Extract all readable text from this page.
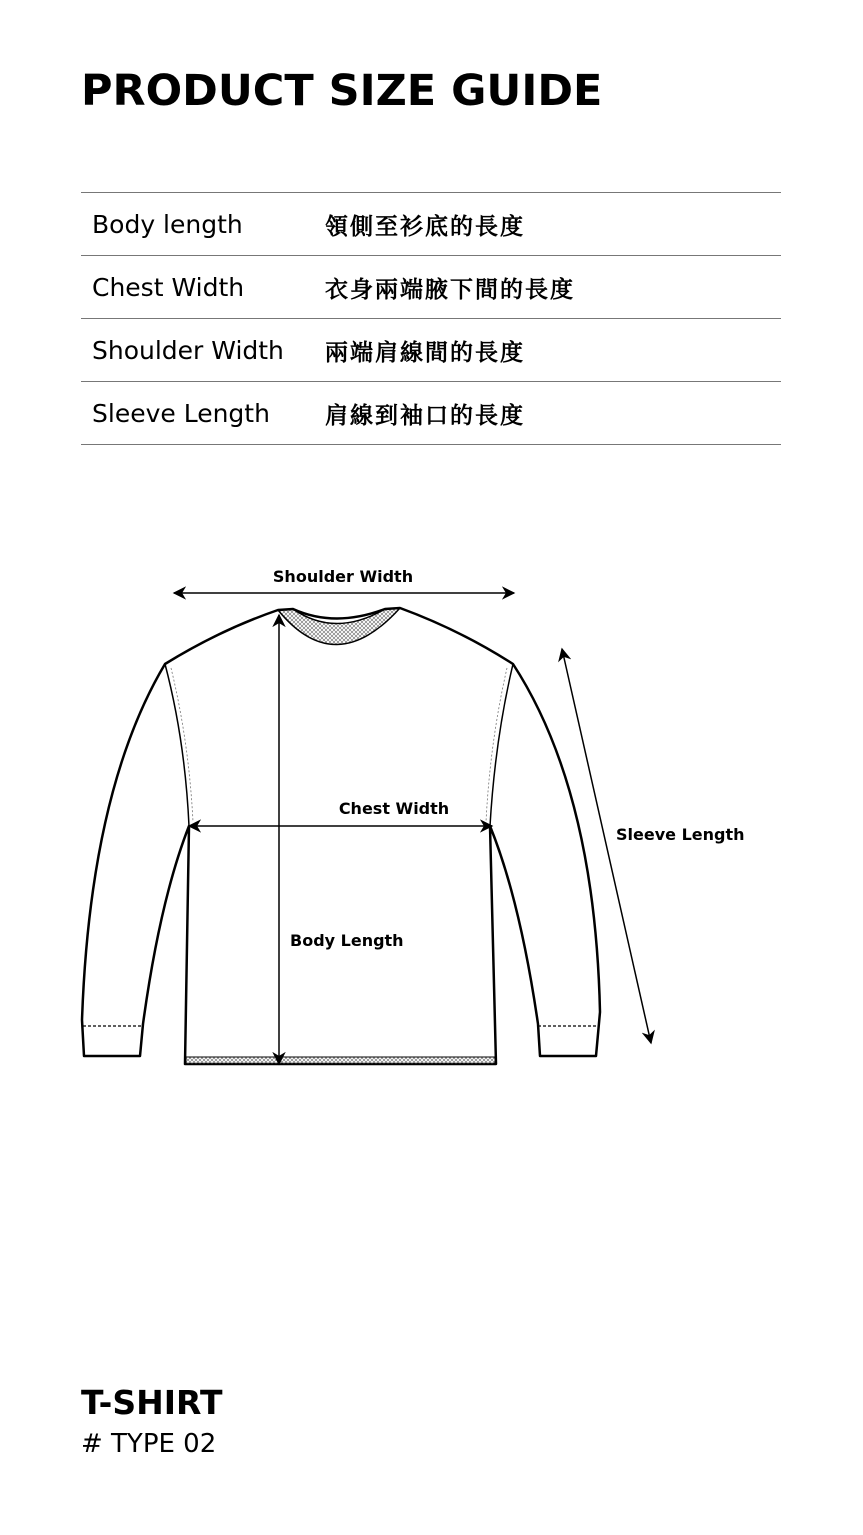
PRODUCT SIZE GUIDE
Body length	領側至衫底的長度
Chest Width	衣身兩端腋下間的長度
Shoulder Width	兩端肩線間的長度
Sleeve Length	肩線到袖口的長度
Shoulder Width
Chest Width
Body Length
Sleeve Length
T-SHIRT
# TYPE 02
